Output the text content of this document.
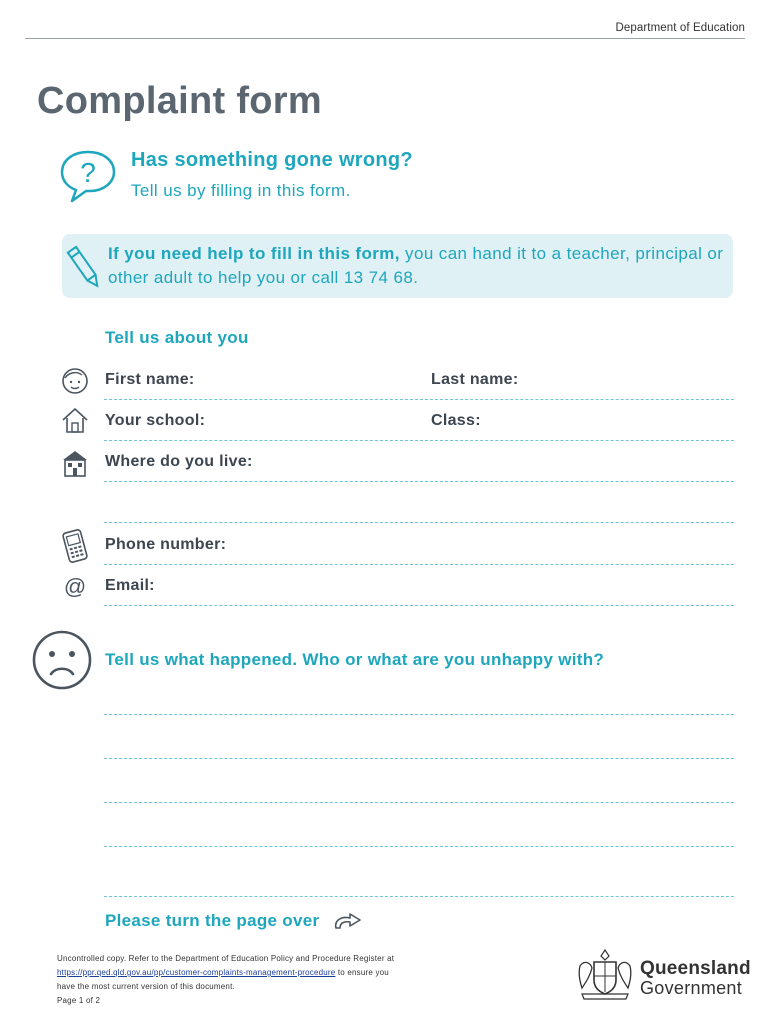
Department of Education
Complaint form
? Has something gone wrong?
Tell us by filling in this form.
If you need help to fill in this form, you can hand it to a teacher, principal or other adult to help you or call 13 74 68.
Tell us about you
First name:	Last name:
Your school:	Class:
Where do you live:
Phone number:
@ Email:
Tell us what happened. Who or what are you unhappy with?
Please turn the page over
Uncontrolled copy. Refer to the Department of Education Policy and Procedure Register at
https://ppr.qed.qld.gov.au/pp/customer-complaints-management-procedure to ensure you
have the most current version of this document.
Page 1 of 2
Queensland
Government
